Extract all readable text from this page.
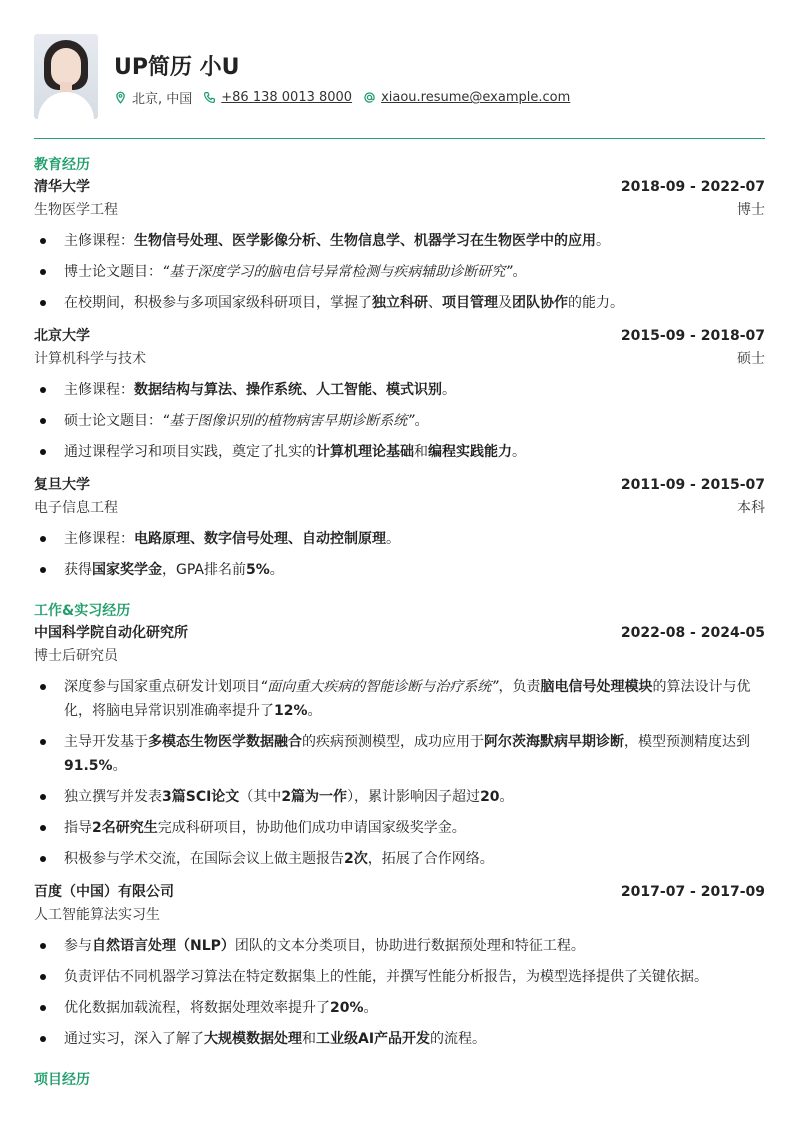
UP简历 小U
北京, 中国 +86 138 0013 8000 xiaou.resume@example.com
教育经历
清华大学	2018-09 - 2022-07
生物医学工程	博士
主修课程：生物信号处理、医学影像分析、生物信息学、机器学习在生物医学中的应用。
博士论文题目：“基于深度学习的脑电信号异常检测与疾病辅助诊断研究”。
在校期间，积极参与多项国家级科研项目，掌握了独立科研、项目管理及团队协作的能力。
北京大学	2015-09 - 2018-07
计算机科学与技术	硕士
主修课程：数据结构与算法、操作系统、人工智能、模式识别。
硕士论文题目：“基于图像识别的植物病害早期诊断系统”。
通过课程学习和项目实践，奠定了扎实的计算机理论基础和编程实践能力。
复旦大学	2011-09 - 2015-07
电子信息工程	本科
主修课程：电路原理、数字信号处理、自动控制原理。
获得国家奖学金，GPA排名前5%。
工作&实习经历
中国科学院自动化研究所	2022-08 - 2024-05
博士后研究员
深度参与国家重点研发计划项目“面向重大疾病的智能诊断与治疗系统”，负责脑电信号处理模块的算法设计与优化，将脑电异常识别准确率提升了12%。
主导开发基于多模态生物医学数据融合的疾病预测模型，成功应用于阿尔茨海默病早期诊断，模型预测精度达到91.5%。
独立撰写并发表3篇SCI论文（其中2篇为一作），累计影响因子超过20。
指导2名研究生完成科研项目，协助他们成功申请国家级奖学金。
积极参与学术交流，在国际会议上做主题报告2次，拓展了合作网络。
百度（中国）有限公司	2017-07 - 2017-09
人工智能算法实习生
参与自然语言处理（NLP）团队的文本分类项目，协助进行数据预处理和特征工程。
负责评估不同机器学习算法在特定数据集上的性能，并撰写性能分析报告，为模型选择提供了关键依据。
优化数据加载流程，将数据处理效率提升了20%。
通过实习，深入了解了大规模数据处理和工业级AI产品开发的流程。
项目经历
